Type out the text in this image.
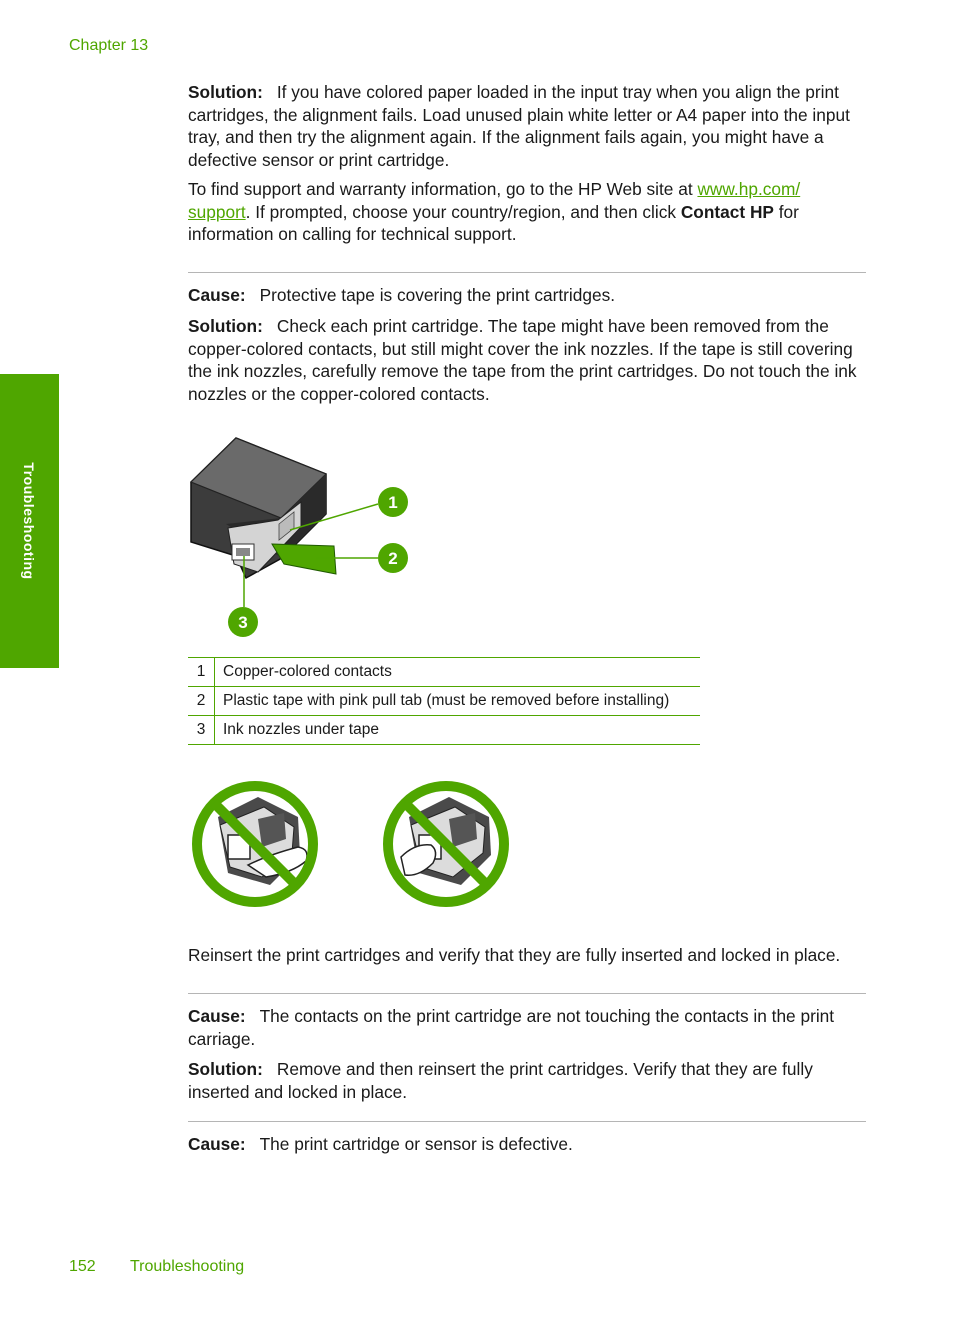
Chapter 13
Troubleshooting

Solution: If you have colored paper loaded in the input tray when you align the print cartridges, the alignment fails. Load unused plain white letter or A4 paper into the input tray, and then try the alignment again. If the alignment fails again, you might have a defective sensor or print cartridge.

To find support and warranty information, go to the HP Web site at www.hp.com/ support. If prompted, choose your country/region, and then click Contact HP for information on calling for technical support.

Cause: Protective tape is covering the print cartridges.

Solution: Check each print cartridge. The tape might have been removed from the copper-colored contacts, but still might cover the ink nozzles. If the tape is still covering the ink nozzles, carefully remove the tape from the print cartridges. Do not touch the ink nozzles or the copper-colored contacts.

1
2
3
1	Copper-colored contacts
2	Plastic tape with pink pull tab (must be removed before installing)
3	Ink nozzles under tape

Reinsert the print cartridges and verify that they are fully inserted and locked in place.

Cause: The contacts on the print cartridge are not touching the contacts in the print carriage.

Solution: Remove and then reinsert the print cartridges. Verify that they are fully inserted and locked in place.

Cause: The print cartridge or sensor is defective.

152 Troubleshooting
